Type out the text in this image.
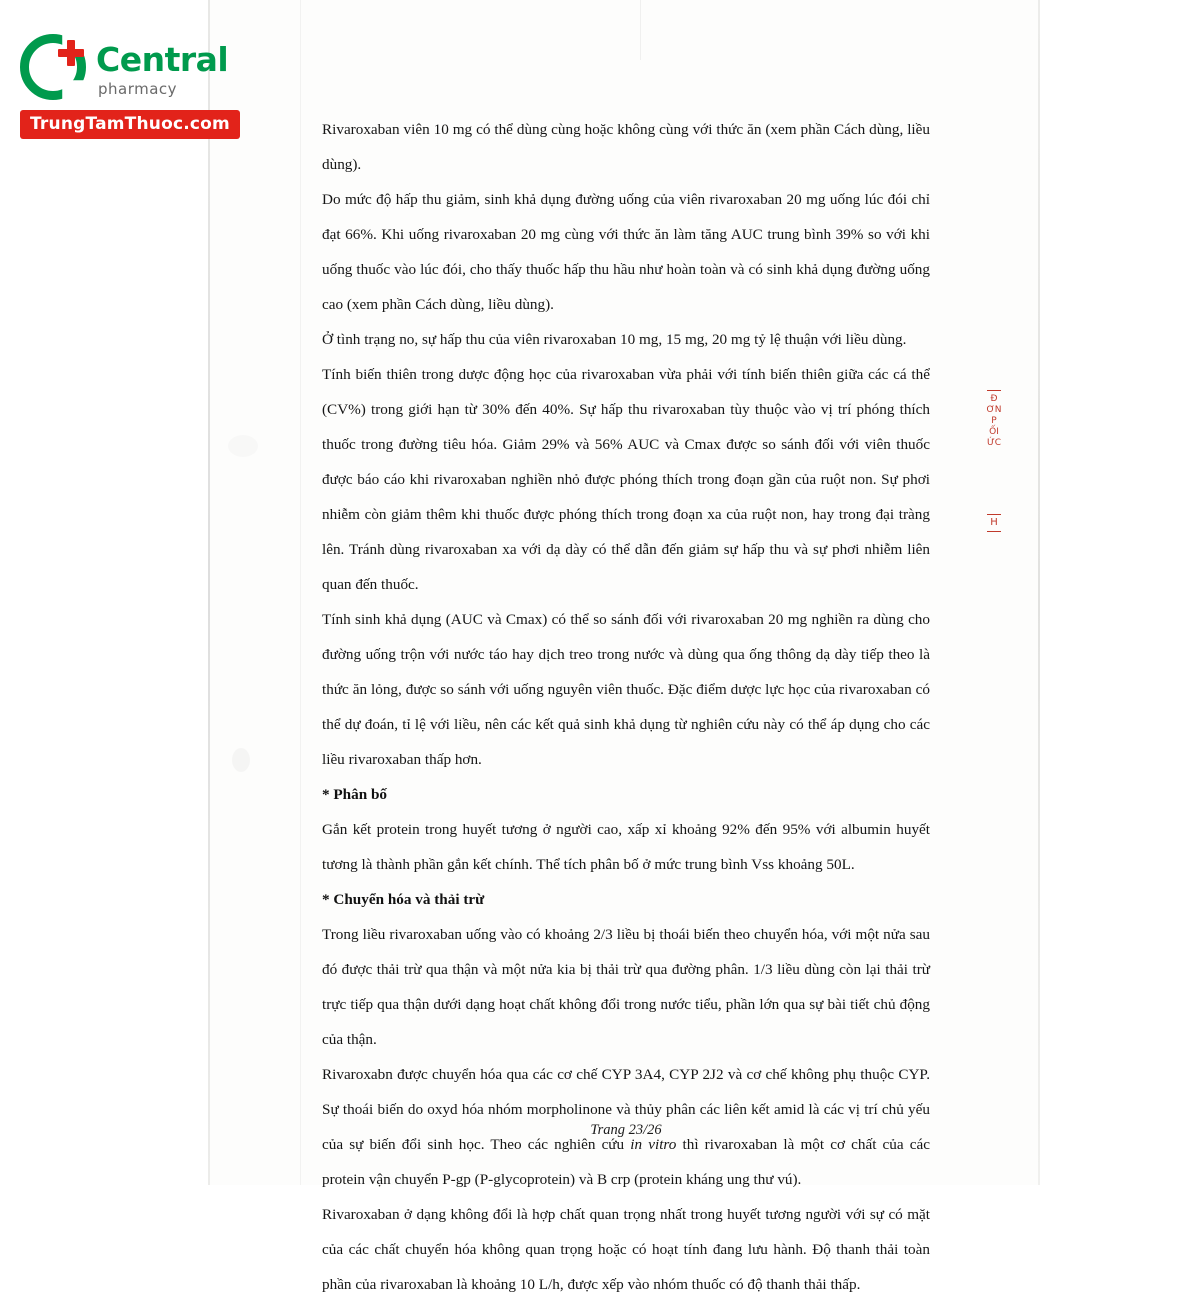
Central
pharmacy
TrungTamThuoc.com	Rivaroxaban viên 10 mg có thể dùng cùng hoặc không cùng với thức ăn (xem phần Cách dùng, liều dùng).

Do mức độ hấp thu giảm, sinh khả dụng đường uống của viên rivaroxaban 20 mg uống lúc đói chỉ đạt 66%. Khi uống rivaroxaban 20 mg cùng với thức ăn làm tăng AUC trung bình 39% so với khi uống thuốc vào lúc đói, cho thấy thuốc hấp thu hầu như hoàn toàn và có sinh khả dụng đường uống cao (xem phần Cách dùng, liều dùng).

Ở tình trạng no, sự hấp thu của viên rivaroxaban 10 mg, 15 mg, 20 mg tỷ lệ thuận với liều dùng.

Tính biến thiên trong dược động học của rivaroxaban vừa phải với tính biến thiên giữa các cá thể (CV%) trong giới hạn từ 30% đến 40%. Sự hấp thu rivaroxaban tùy thuộc vào vị trí phóng thích thuốc trong đường tiêu hóa. Giảm 29% và 56% AUC và Cmax được so sánh đối với viên thuốc được báo cáo khi rivaroxaban nghiền nhỏ được phóng thích trong đoạn gần của ruột non. Sự phơi nhiễm còn giảm thêm khi thuốc được phóng thích trong đoạn xa của ruột non, hay trong đại tràng lên. Tránh dùng rivaroxaban xa với dạ dày có thể dẫn đến giảm sự hấp thu và sự phơi nhiễm liên quan đến thuốc.

Tính sinh khả dụng (AUC và Cmax) có thể so sánh đối với rivaroxaban 20 mg nghiền ra dùng cho đường uống trộn với nước táo hay dịch treo trong nước và dùng qua ống thông dạ dày tiếp theo là thức ăn lỏng, được so sánh với uống nguyên viên thuốc. Đặc điểm dược lực học của rivaroxaban có thể dự đoán, tỉ lệ với liều, nên các kết quả sinh khả dụng từ nghiên cứu này có thể áp dụng cho các liều rivaroxaban thấp hơn.

* Phân bố

Gắn kết protein trong huyết tương ở người cao, xấp xỉ khoảng 92% đến 95% với albumin huyết tương là thành phần gắn kết chính. Thể tích phân bố ở mức trung bình Vss khoảng 50L.

* Chuyển hóa và thải trừ

Trong liều rivaroxaban uống vào có khoảng 2/3 liều bị thoái biến theo chuyển hóa, với một nửa sau đó được thải trừ qua thận và một nửa kia bị thải trừ qua đường phân. 1/3 liều dùng còn lại thải trừ trực tiếp qua thận dưới dạng hoạt chất không đổi trong nước tiểu, phần lớn qua sự bài tiết chủ động của thận.

Rivaroxabn được chuyển hóa qua các cơ chế CYP 3A4, CYP 2J2 và cơ chế không phụ thuộc CYP. Sự thoái biến do oxyd hóa nhóm morpholinone và thủy phân các liên kết amid là các vị trí chủ yếu của sự biến đổi sinh học. Theo các nghiên cứu in vitro thì rivaroxaban là một cơ chất của các protein vận chuyển P-gp (P-glycoprotein) và B crp (protein kháng ung thư vú).

Rivaroxaban ở dạng không đổi là hợp chất quan trọng nhất trong huyết tương người với sự có mặt của các chất chuyển hóa không quan trọng hoặc có hoạt tính đang lưu hành. Độ thanh thải toàn phần của rivaroxaban là khoảng 10 L/h, được xếp vào nhóm thuốc có độ thanh thải thấp.

Trang 23/26
Đ
ƠN
P
ỐI
ỨC
H
